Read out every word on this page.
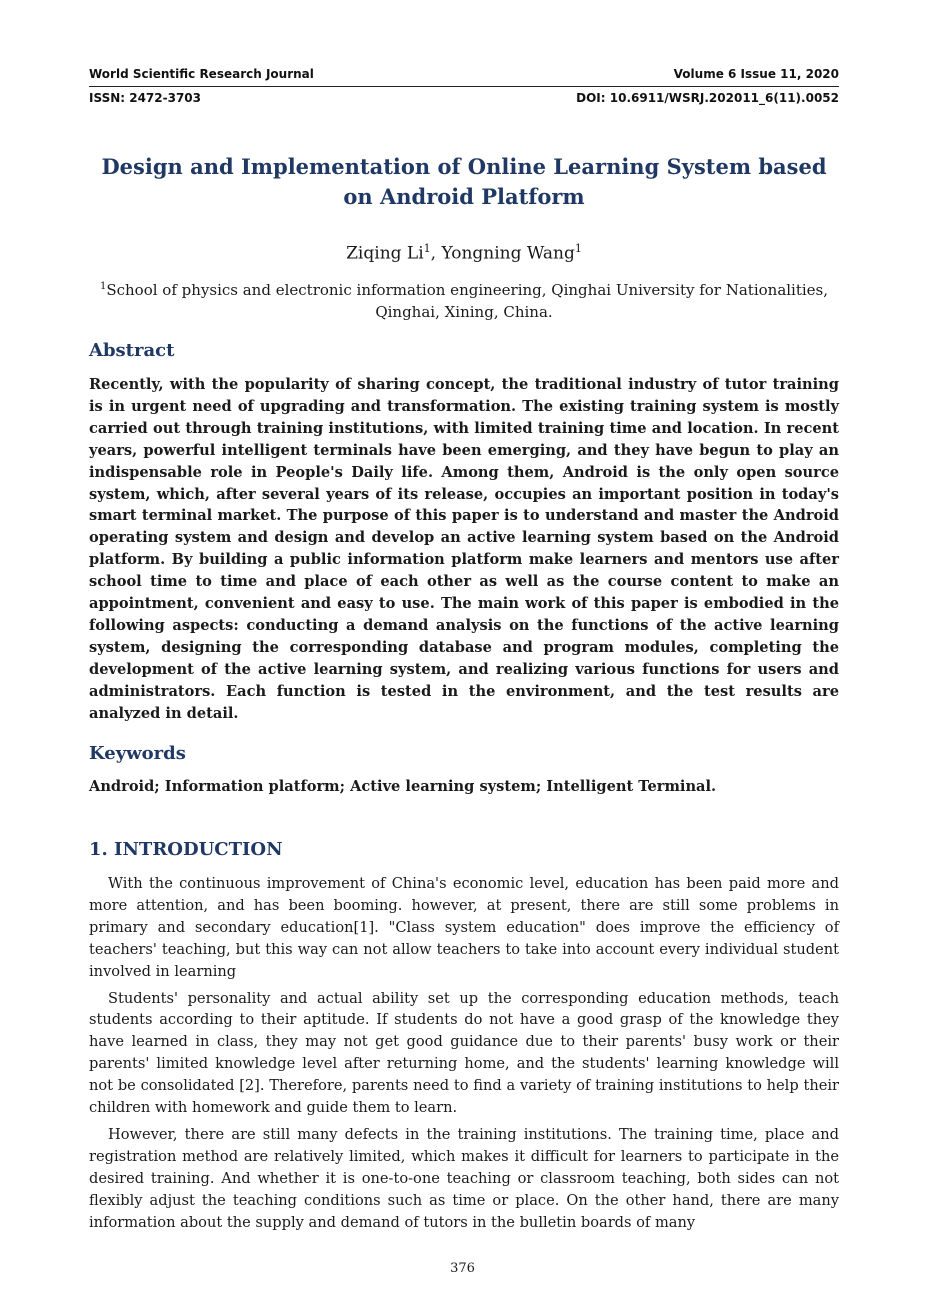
World Scientific Research Journal	Volume 6 Issue 11, 2020
ISSN: 2472-3703	DOI: 10.6911/WSRJ.202011_6(11).0052
Design and Implementation of Online Learning System based on Android Platform
Ziqing Li$^1$, Yongning Wang$^1$
$^1$School of physics and electronic information engineering, Qinghai University for Nationalities, Qinghai, Xining, China.
Abstract
Recently, with the popularity of sharing concept, the traditional industry of tutor training is in urgent need of upgrading and transformation. The existing training system is mostly carried out through training institutions, with limited training time and location. In recent years, powerful intelligent terminals have been emerging, and they have begun to play an indispensable role in People's Daily life. Among them, Android is the only open source system, which, after several years of its release, occupies an important position in today's smart terminal market. The purpose of this paper is to understand and master the Android operating system and design and develop an active learning system based on the Android platform. By building a public information platform make learners and mentors use after school time to time and place of each other as well as the course content to make an appointment, convenient and easy to use. The main work of this paper is embodied in the following aspects: conducting a demand analysis on the functions of the active learning system, designing the corresponding database and program modules, completing the development of the active learning system, and realizing various functions for users and administrators. Each function is tested in the environment, and the test results are analyzed in detail.
Keywords
Android; Information platform; Active learning system; Intelligent Terminal.
1. INTRODUCTION

With the continuous improvement of China's economic level, education has been paid more and more attention, and has been booming. however, at present, there are still some problems in primary and secondary education[1]. "Class system education" does improve the efficiency of teachers' teaching, but this way can not allow teachers to take into account every individual student involved in learning

Students' personality and actual ability set up the corresponding education methods, teach students according to their aptitude. If students do not have a good grasp of the knowledge they have learned in class, they may not get good guidance due to their parents' busy work or their parents' limited knowledge level after returning home, and the students' learning knowledge will not be consolidated [2]. Therefore, parents need to find a variety of training institutions to help their children with homework and guide them to learn.

However, there are still many defects in the training institutions. The training time, place and registration method are relatively limited, which makes it difficult for learners to participate in the desired training. And whether it is one-to-one teaching or classroom teaching, both sides can not flexibly adjust the teaching conditions such as time or place. On the other hand, there are many information about the supply and demand of tutors in the bulletin boards of many

376
